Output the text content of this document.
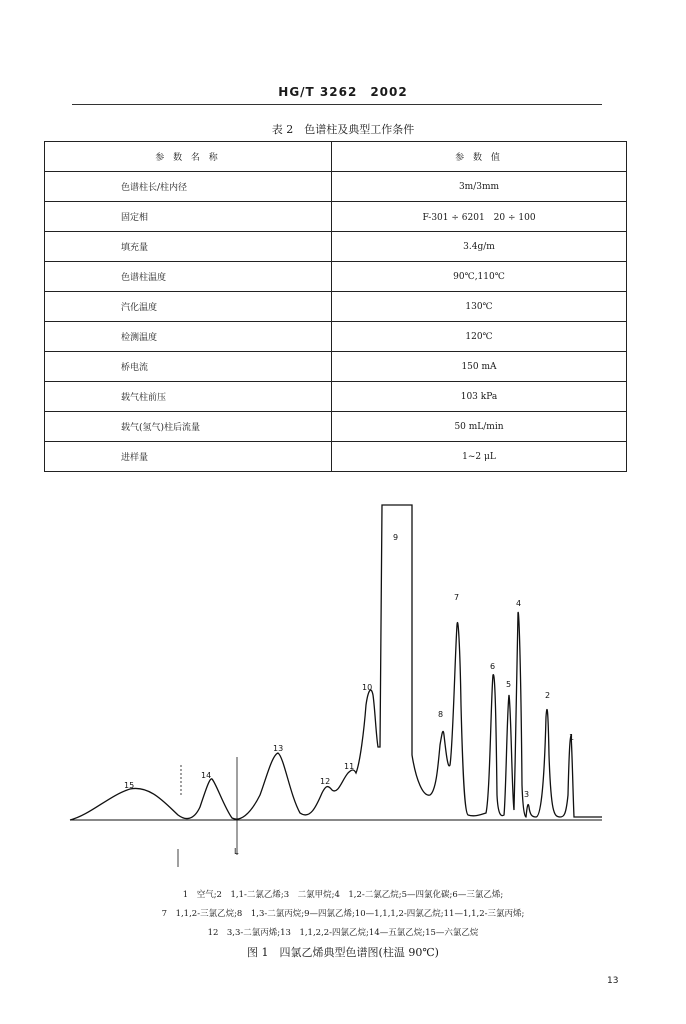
HG/T 3262 2002
表 2　色谱柱及典型工作条件
参 数 名 称	参 数 值
色谱柱长/柱内径	3m/3mm
固定相	F-301 ÷ 6201　20 ÷ 100
填充量	3.4g/m
色谱柱温度	90℃,110℃
汽化温度	130℃
检测温度	120℃
桥电流	150 mA
载气柱前压	103 kPa
载气(氢气)柱后流量	50 mL/min
进样量	1~2 μL
L
1
2
3
4
5
6
7
8
9
10
11
12
13
14
15
1　空气;2　1,1-二氯乙烯;3　二氯甲烷;4　1,2-二氯乙烷;5—四氯化碳;6—三氯乙烯;
7　1,1,2-三氯乙烷;8　1,3-二氯丙烷;9—四氯乙烯;10—1,1,1,2-四氯乙烷;11—1,1,2-三氯丙烯;
12　3,3-二氯丙烯;13　1,1,2,2-四氯乙烷;14—五氯乙烷;15—六氯乙烷
图 1　四氯乙烯典型色谱图(柱温 90℃)
13
